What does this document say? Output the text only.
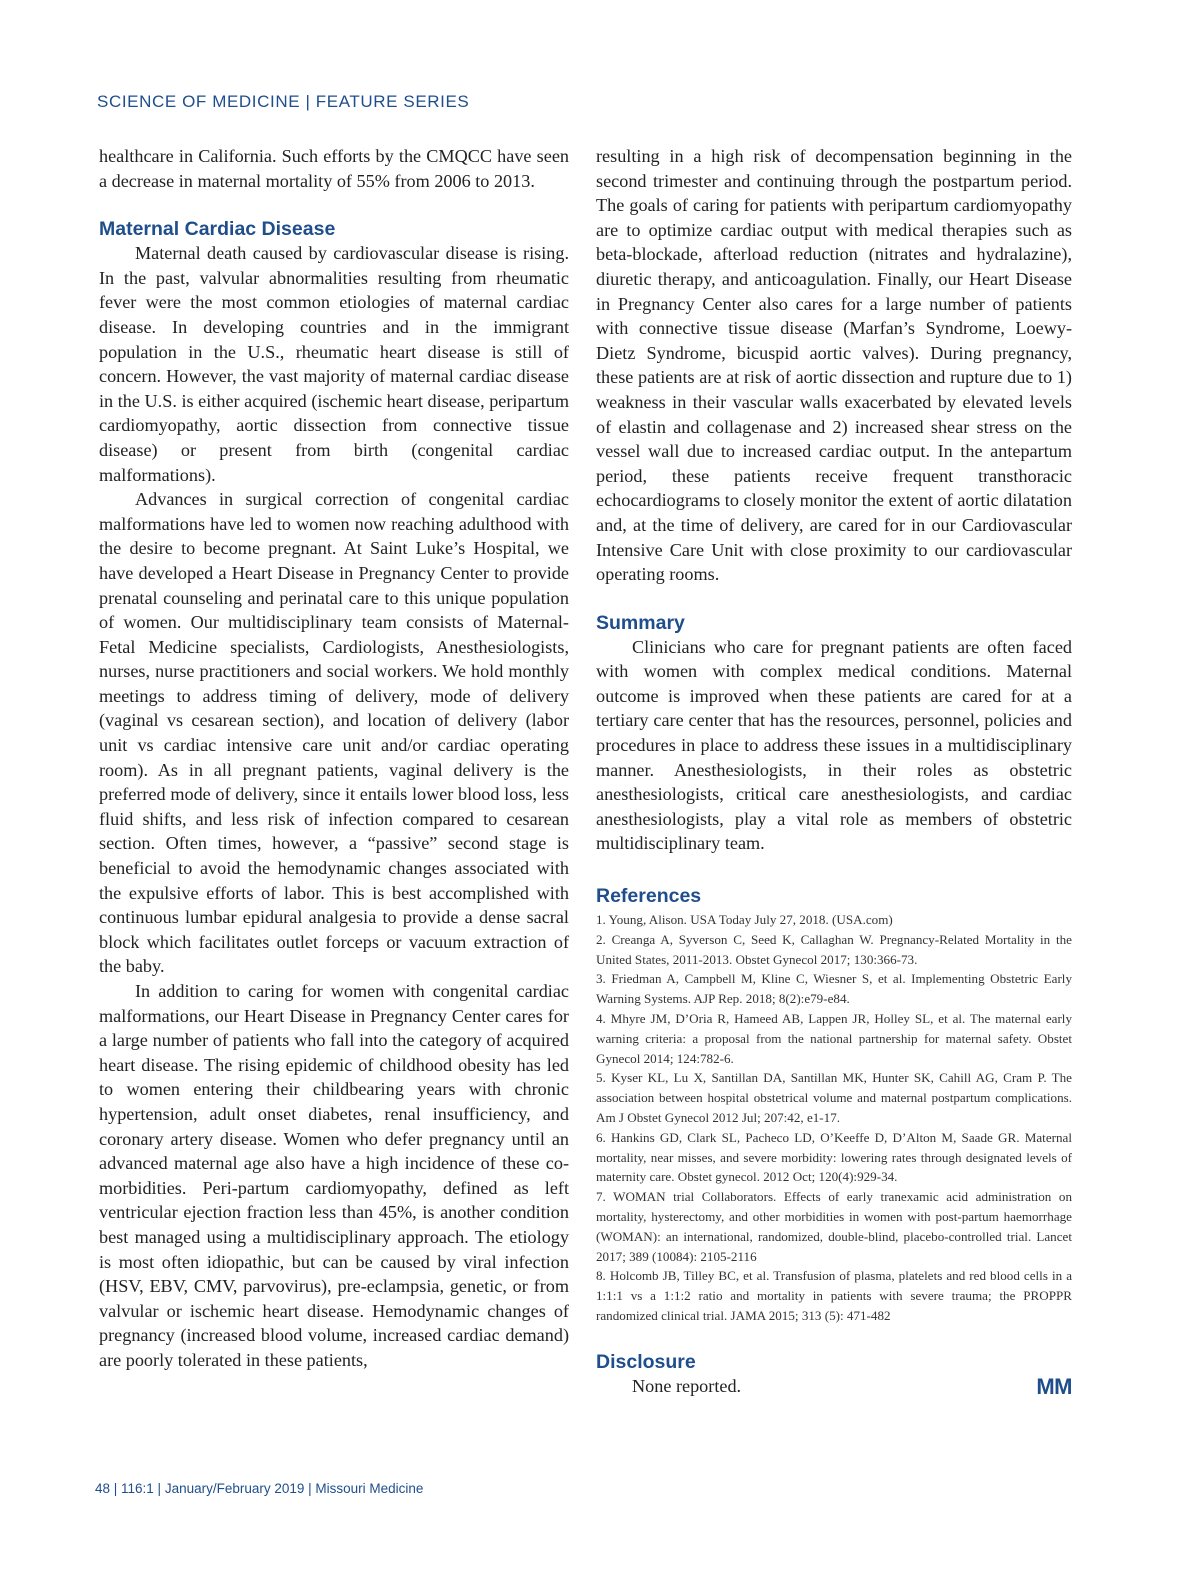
SCIENCE OF MEDICINE | FEATURE SERIES

healthcare in California. Such efforts by the CMQCC have seen a decrease in maternal mortality of 55% from 2006 to 2013.

Maternal Cardiac Disease

Maternal death caused by cardiovascular disease is rising. In the past, valvular abnormalities resulting from rheumatic fever were the most common etiologies of maternal cardiac disease. In developing countries and in the immigrant population in the U.S., rheumatic heart disease is still of concern. However, the vast majority of maternal cardiac disease in the U.S. is either acquired (ischemic heart disease, peripartum cardiomyopathy, aortic dissection from connective tissue disease) or present from birth (congenital cardiac malformations).

Advances in surgical correction of congenital cardiac malformations have led to women now reaching adulthood with the desire to become pregnant. At Saint Luke’s Hospital, we have developed a Heart Disease in Pregnancy Center to provide prenatal counseling and perinatal care to this unique population of women. Our multidisciplinary team consists of Maternal-Fetal Medicine specialists, Cardiologists, Anesthesiologists, nurses, nurse practitioners and social workers. We hold monthly meetings to address timing of delivery, mode of delivery (vaginal vs cesarean section), and location of delivery (labor unit vs cardiac intensive care unit and/or cardiac operating room). As in all pregnant patients, vaginal delivery is the preferred mode of delivery, since it entails lower blood loss, less fluid shifts, and less risk of infection compared to cesarean section. Often times, however, a “passive” second stage is beneficial to avoid the hemodynamic changes associated with the expulsive efforts of labor. This is best accomplished with continuous lumbar epidural analgesia to provide a dense sacral block which facilitates outlet forceps or vacuum extraction of the baby.

In addition to caring for women with congenital cardiac malformations, our Heart Disease in Pregnancy Center cares for a large number of patients who fall into the category of acquired heart disease. The rising epidemic of childhood obesity has led to women entering their childbearing years with chronic hypertension, adult onset diabetes, renal insufficiency, and coronary artery disease. Women who defer pregnancy until an advanced maternal age also have a high incidence of these co-morbidities. Peri-partum cardiomyopathy, defined as left ventricular ejection fraction less than 45%, is another condition best managed using a multidisciplinary approach. The etiology is most often idiopathic, but can be caused by viral infection (HSV, EBV, CMV, parvovirus), pre-eclampsia, genetic, or from valvular or ischemic heart disease. Hemodynamic changes of pregnancy (increased blood volume, increased cardiac demand) are poorly tolerated in these patients,

resulting in a high risk of decompensation beginning in the second trimester and continuing through the postpartum period. The goals of caring for patients with peripartum cardiomyopathy are to optimize cardiac output with medical therapies such as beta-blockade, afterload reduction (nitrates and hydralazine), diuretic therapy, and anticoagulation. Finally, our Heart Disease in Pregnancy Center also cares for a large number of patients with connective tissue disease (Marfan’s Syndrome, Loewy-Dietz Syndrome, bicuspid aortic valves). During pregnancy, these patients are at risk of aortic dissection and rupture due to 1) weakness in their vascular walls exacerbated by elevated levels of elastin and collagenase and 2) increased shear stress on the vessel wall due to increased cardiac output. In the antepartum period, these patients receive frequent transthoracic echocardiograms to closely monitor the extent of aortic dilatation and, at the time of delivery, are cared for in our Cardiovascular Intensive Care Unit with close proximity to our cardiovascular operating rooms.

Summary

Clinicians who care for pregnant patients are often faced with women with complex medical conditions. Maternal outcome is improved when these patients are cared for at a tertiary care center that has the resources, personnel, policies and procedures in place to address these issues in a multidisciplinary manner. Anesthesiologists, in their roles as obstetric anesthesiologists, critical care anesthesiologists, and cardiac anesthesiologists, play a vital role as members of obstetric multidisciplinary team.

References
1. Young, Alison. USA Today July 27, 2018. (USA.com)
2. Creanga A, Syverson C, Seed K, Callaghan W. Pregnancy-Related Mortality in the United States, 2011-2013. Obstet Gynecol 2017; 130:366-73.
3. Friedman A, Campbell M, Kline C, Wiesner S, et al. Implementing Obstetric Early Warning Systems. AJP Rep. 2018; 8(2):e79-e84.
4. Mhyre JM, D’Oria R, Hameed AB, Lappen JR, Holley SL, et al. The maternal early warning criteria: a proposal from the national partnership for maternal safety. Obstet Gynecol 2014; 124:782-6.
5. Kyser KL, Lu X, Santillan DA, Santillan MK, Hunter SK, Cahill AG, Cram P. The association between hospital obstetrical volume and maternal postpartum complications. Am J Obstet Gynecol 2012 Jul; 207:42, e1-17.
6. Hankins GD, Clark SL, Pacheco LD, O’Keeffe D, D’Alton M, Saade GR. Maternal mortality, near misses, and severe morbidity: lowering rates through designated levels of maternity care. Obstet gynecol. 2012 Oct; 120(4):929-34.
7. WOMAN trial Collaborators. Effects of early tranexamic acid administration on mortality, hysterectomy, and other morbidities in women with post-partum haemorrhage (WOMAN): an international, randomized, double-blind, placebo-controlled trial. Lancet 2017; 389 (10084): 2105-2116
8. Holcomb JB, Tilley BC, et al. Transfusion of plasma, platelets and red blood cells in a 1:1:1 vs a 1:1:2 ratio and mortality in patients with severe trauma; the PROPPR randomized clinical trial. JAMA 2015; 313 (5): 471-482
Disclosure

None reported.	MM
48 | 116:1 | January/February 2019 | Missouri Medicine
